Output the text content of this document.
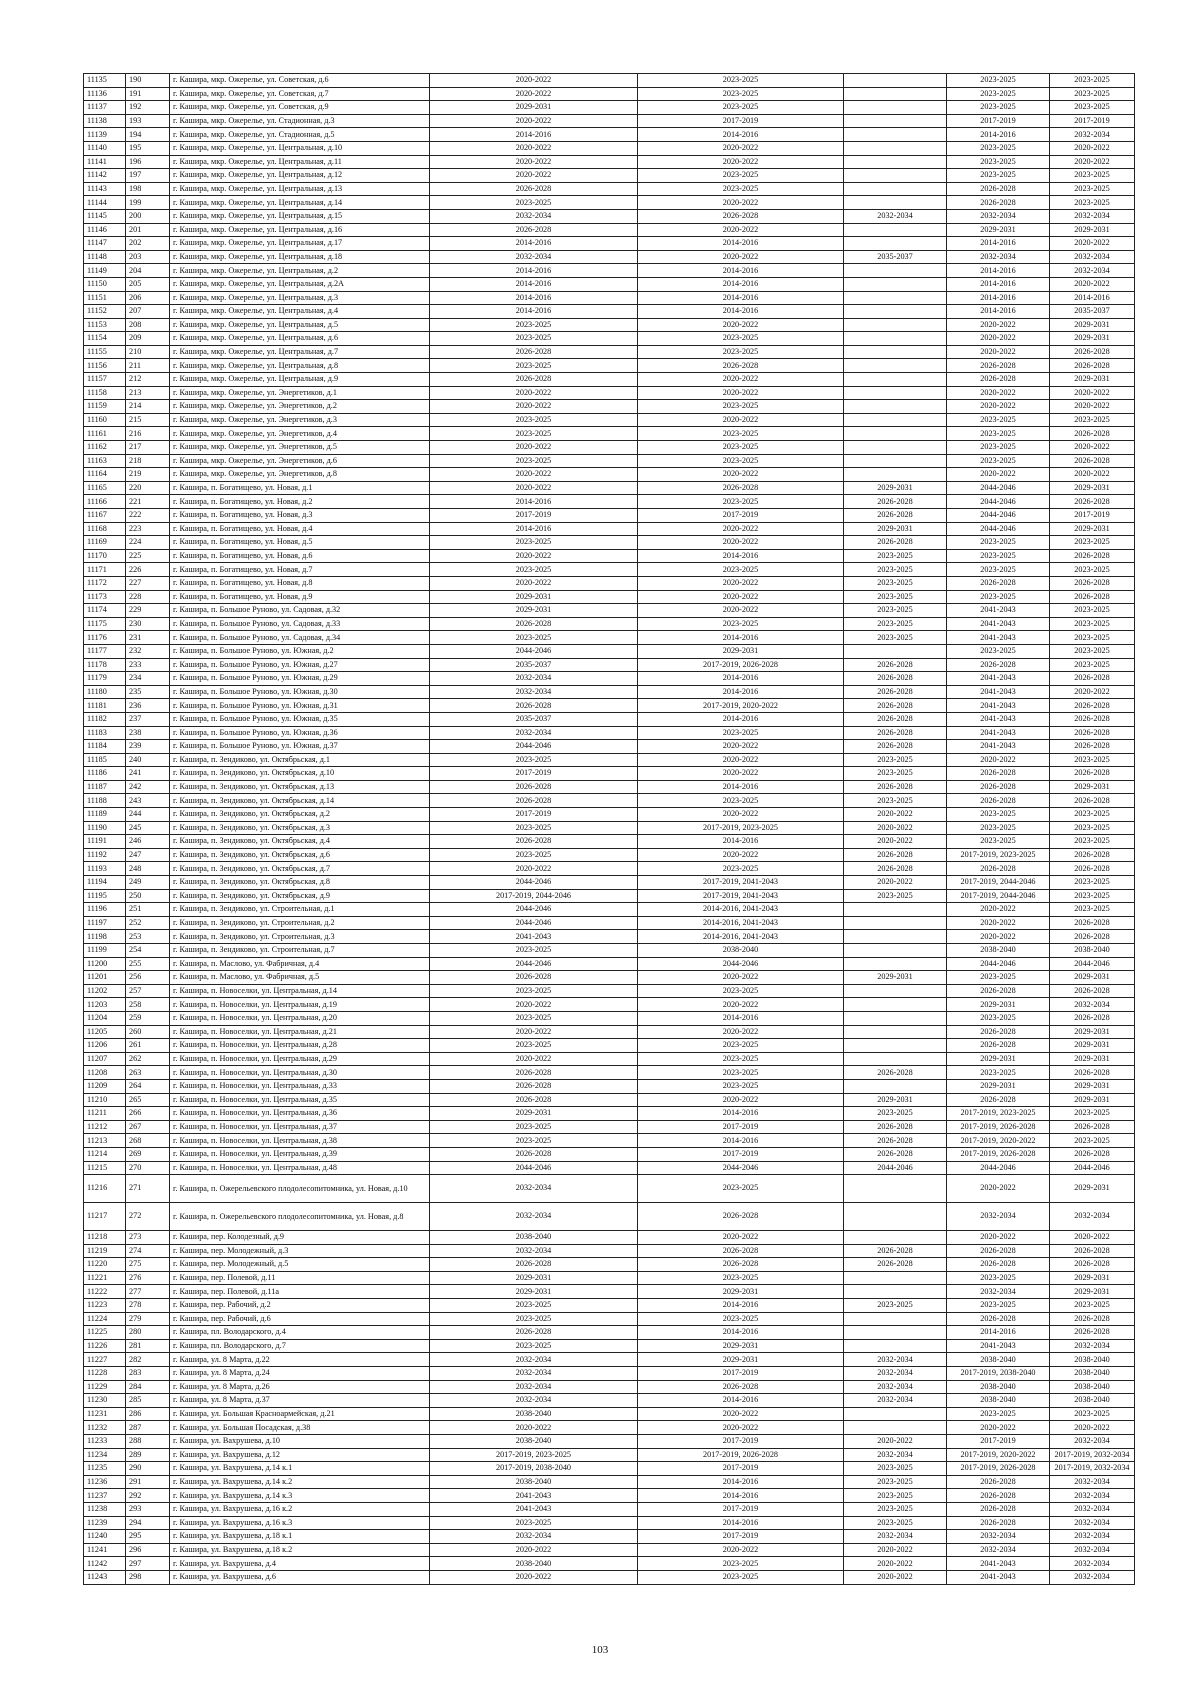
11135	190	г. Кашира, мкр. Ожерелье, ул. Советская, д.6	2020-2022	2023-2025		2023-2025	2023-2025
11136	191	г. Кашира, мкр. Ожерелье, ул. Советская, д.7	2020-2022	2023-2025		2023-2025	2023-2025
11137	192	г. Кашира, мкр. Ожерелье, ул. Советская, д.9	2029-2031	2023-2025		2023-2025	2023-2025
11138	193	г. Кашира, мкр. Ожерелье, ул. Стадионная, д.3	2020-2022	2017-2019		2017-2019	2017-2019
11139	194	г. Кашира, мкр. Ожерелье, ул. Стадионная, д.5	2014-2016	2014-2016		2014-2016	2032-2034
11140	195	г. Кашира, мкр. Ожерелье, ул. Центральная, д.10	2020-2022	2020-2022		2023-2025	2020-2022
11141	196	г. Кашира, мкр. Ожерелье, ул. Центральная, д.11	2020-2022	2020-2022		2023-2025	2020-2022
11142	197	г. Кашира, мкр. Ожерелье, ул. Центральная, д.12	2020-2022	2023-2025		2023-2025	2023-2025
11143	198	г. Кашира, мкр. Ожерелье, ул. Центральная, д.13	2026-2028	2023-2025		2026-2028	2023-2025
11144	199	г. Кашира, мкр. Ожерелье, ул. Центральная, д.14	2023-2025	2020-2022		2026-2028	2023-2025
11145	200	г. Кашира, мкр. Ожерелье, ул. Центральная, д.15	2032-2034	2026-2028	2032-2034	2032-2034	2032-2034
11146	201	г. Кашира, мкр. Ожерелье, ул. Центральная, д.16	2026-2028	2020-2022		2029-2031	2029-2031
11147	202	г. Кашира, мкр. Ожерелье, ул. Центральная, д.17	2014-2016	2014-2016		2014-2016	2020-2022
11148	203	г. Кашира, мкр. Ожерелье, ул. Центральная, д.18	2032-2034	2020-2022	2035-2037	2032-2034	2032-2034
11149	204	г. Кашира, мкр. Ожерелье, ул. Центральная, д.2	2014-2016	2014-2016		2014-2016	2032-2034
11150	205	г. Кашира, мкр. Ожерелье, ул. Центральная, д.2А	2014-2016	2014-2016		2014-2016	2020-2022
11151	206	г. Кашира, мкр. Ожерелье, ул. Центральная, д.3	2014-2016	2014-2016		2014-2016	2014-2016
11152	207	г. Кашира, мкр. Ожерелье, ул. Центральная, д.4	2014-2016	2014-2016		2014-2016	2035-2037
11153	208	г. Кашира, мкр. Ожерелье, ул. Центральная, д.5	2023-2025	2020-2022		2020-2022	2029-2031
11154	209	г. Кашира, мкр. Ожерелье, ул. Центральная, д.6	2023-2025	2023-2025		2020-2022	2029-2031
11155	210	г. Кашира, мкр. Ожерелье, ул. Центральная, д.7	2026-2028	2023-2025		2020-2022	2026-2028
11156	211	г. Кашира, мкр. Ожерелье, ул. Центральная, д.8	2023-2025	2026-2028		2026-2028	2026-2028
11157	212	г. Кашира, мкр. Ожерелье, ул. Центральная, д.9	2026-2028	2020-2022		2026-2028	2029-2031
11158	213	г. Кашира, мкр. Ожерелье, ул. Энергетиков, д.1	2020-2022	2020-2022		2020-2022	2020-2022
11159	214	г. Кашира, мкр. Ожерелье, ул. Энергетиков, д.2	2020-2022	2023-2025		2020-2022	2020-2022
11160	215	г. Кашира, мкр. Ожерелье, ул. Энергетиков, д.3	2023-2025	2020-2022		2023-2025	2023-2025
11161	216	г. Кашира, мкр. Ожерелье, ул. Энергетиков, д.4	2023-2025	2023-2025		2023-2025	2026-2028
11162	217	г. Кашира, мкр. Ожерелье, ул. Энергетиков, д.5	2020-2022	2023-2025		2023-2025	2020-2022
11163	218	г. Кашира, мкр. Ожерелье, ул. Энергетиков, д.6	2023-2025	2023-2025		2023-2025	2026-2028
11164	219	г. Кашира, мкр. Ожерелье, ул. Энергетиков, д.8	2020-2022	2020-2022		2020-2022	2020-2022
11165	220	г. Кашира, п. Богатищево, ул. Новая, д.1	2020-2022	2026-2028	2029-2031	2044-2046	2029-2031
11166	221	г. Кашира, п. Богатищево, ул. Новая, д.2	2014-2016	2023-2025	2026-2028	2044-2046	2026-2028
11167	222	г. Кашира, п. Богатищево, ул. Новая, д.3	2017-2019	2017-2019	2026-2028	2044-2046	2017-2019
11168	223	г. Кашира, п. Богатищево, ул. Новая, д.4	2014-2016	2020-2022	2029-2031	2044-2046	2029-2031
11169	224	г. Кашира, п. Богатищево, ул. Новая, д.5	2023-2025	2020-2022	2026-2028	2023-2025	2023-2025
11170	225	г. Кашира, п. Богатищево, ул. Новая, д.6	2020-2022	2014-2016	2023-2025	2023-2025	2026-2028
11171	226	г. Кашира, п. Богатищево, ул. Новая, д.7	2023-2025	2023-2025	2023-2025	2023-2025	2023-2025
11172	227	г. Кашира, п. Богатищево, ул. Новая, д.8	2020-2022	2020-2022	2023-2025	2026-2028	2026-2028
11173	228	г. Кашира, п. Богатищево, ул. Новая, д.9	2029-2031	2020-2022	2023-2025	2023-2025	2026-2028
11174	229	г. Кашира, п. Большое Руново, ул. Садовая, д.32	2029-2031	2020-2022	2023-2025	2041-2043	2023-2025
11175	230	г. Кашира, п. Большое Руново, ул. Садовая, д.33	2026-2028	2023-2025	2023-2025	2041-2043	2023-2025
11176	231	г. Кашира, п. Большое Руново, ул. Садовая, д.34	2023-2025	2014-2016	2023-2025	2041-2043	2023-2025
11177	232	г. Кашира, п. Большое Руново, ул. Южная, д.2	2044-2046	2029-2031		2023-2025	2023-2025
11178	233	г. Кашира, п. Большое Руново, ул. Южная, д.27	2035-2037	2017-2019, 2026-2028	2026-2028	2026-2028	2023-2025
11179	234	г. Кашира, п. Большое Руново, ул. Южная, д.29	2032-2034	2014-2016	2026-2028	2041-2043	2026-2028
11180	235	г. Кашира, п. Большое Руново, ул. Южная, д.30	2032-2034	2014-2016	2026-2028	2041-2043	2020-2022
11181	236	г. Кашира, п. Большое Руново, ул. Южная, д.31	2026-2028	2017-2019, 2020-2022	2026-2028	2041-2043	2026-2028
11182	237	г. Кашира, п. Большое Руново, ул. Южная, д.35	2035-2037	2014-2016	2026-2028	2041-2043	2026-2028
11183	238	г. Кашира, п. Большое Руново, ул. Южная, д.36	2032-2034	2023-2025	2026-2028	2041-2043	2026-2028
11184	239	г. Кашира, п. Большое Руново, ул. Южная, д.37	2044-2046	2020-2022	2026-2028	2041-2043	2026-2028
11185	240	г. Кашира, п. Зендиково, ул. Октябрьская, д.1	2023-2025	2020-2022	2023-2025	2020-2022	2023-2025
11186	241	г. Кашира, п. Зендиково, ул. Октябрьская, д.10	2017-2019	2020-2022	2023-2025	2026-2028	2026-2028
11187	242	г. Кашира, п. Зендиково, ул. Октябрьская, д.13	2026-2028	2014-2016	2026-2028	2026-2028	2029-2031
11188	243	г. Кашира, п. Зендиково, ул. Октябрьская, д.14	2026-2028	2023-2025	2023-2025	2026-2028	2026-2028
11189	244	г. Кашира, п. Зендиково, ул. Октябрьская, д.2	2017-2019	2020-2022	2020-2022	2023-2025	2023-2025
11190	245	г. Кашира, п. Зендиково, ул. Октябрьская, д.3	2023-2025	2017-2019, 2023-2025	2020-2022	2023-2025	2023-2025
11191	246	г. Кашира, п. Зендиково, ул. Октябрьская, д.4	2026-2028	2014-2016	2020-2022	2023-2025	2023-2025
11192	247	г. Кашира, п. Зендиково, ул. Октябрьская, д.6	2023-2025	2020-2022	2026-2028	2017-2019, 2023-2025	2026-2028
11193	248	г. Кашира, п. Зендиково, ул. Октябрьская, д.7	2020-2022	2023-2025	2026-2028	2026-2028	2026-2028
11194	249	г. Кашира, п. Зендиково, ул. Октябрьская, д.8	2044-2046	2017-2019, 2041-2043	2020-2022	2017-2019, 2044-2046	2023-2025
11195	250	г. Кашира, п. Зендиково, ул. Октябрьская, д.9	2017-2019, 2044-2046	2017-2019, 2041-2043	2023-2025	2017-2019, 2044-2046	2023-2025
11196	251	г. Кашира, п. Зендиково, ул. Строительная, д.1	2044-2046	2014-2016, 2041-2043		2020-2022	2023-2025
11197	252	г. Кашира, п. Зендиково, ул. Строительная, д.2	2044-2046	2014-2016, 2041-2043		2020-2022	2026-2028
11198	253	г. Кашира, п. Зендиково, ул. Строительная, д.3	2041-2043	2014-2016, 2041-2043		2020-2022	2026-2028
11199	254	г. Кашира, п. Зендиково, ул. Строительная, д.7	2023-2025	2038-2040		2038-2040	2038-2040
11200	255	г. Кашира, п. Маслово, ул. Фабричная, д.4	2044-2046	2044-2046		2044-2046	2044-2046
11201	256	г. Кашира, п. Маслово, ул. Фабричная, д.5	2026-2028	2020-2022	2029-2031	2023-2025	2029-2031
11202	257	г. Кашира, п. Новоселки, ул. Центральная, д.14	2023-2025	2023-2025		2026-2028	2026-2028
11203	258	г. Кашира, п. Новоселки, ул. Центральная, д.19	2020-2022	2020-2022		2029-2031	2032-2034
11204	259	г. Кашира, п. Новоселки, ул. Центральная, д.20	2023-2025	2014-2016		2023-2025	2026-2028
11205	260	г. Кашира, п. Новоселки, ул. Центральная, д.21	2020-2022	2020-2022		2026-2028	2029-2031
11206	261	г. Кашира, п. Новоселки, ул. Центральная, д.28	2023-2025	2023-2025		2026-2028	2029-2031
11207	262	г. Кашира, п. Новоселки, ул. Центральная, д.29	2020-2022	2023-2025		2029-2031	2029-2031
11208	263	г. Кашира, п. Новоселки, ул. Центральная, д.30	2026-2028	2023-2025	2026-2028	2023-2025	2026-2028
11209	264	г. Кашира, п. Новоселки, ул. Центральная, д.33	2026-2028	2023-2025		2029-2031	2029-2031
11210	265	г. Кашира, п. Новоселки, ул. Центральная, д.35	2026-2028	2020-2022	2029-2031	2026-2028	2029-2031
11211	266	г. Кашира, п. Новоселки, ул. Центральная, д.36	2029-2031	2014-2016	2023-2025	2017-2019, 2023-2025	2023-2025
11212	267	г. Кашира, п. Новоселки, ул. Центральная, д.37	2023-2025	2017-2019	2026-2028	2017-2019, 2026-2028	2026-2028
11213	268	г. Кашира, п. Новоселки, ул. Центральная, д.38	2023-2025	2014-2016	2026-2028	2017-2019, 2020-2022	2023-2025
11214	269	г. Кашира, п. Новоселки, ул. Центральная, д.39	2026-2028	2017-2019	2026-2028	2017-2019, 2026-2028	2026-2028
11215	270	г. Кашира, п. Новоселки, ул. Центральная, д.48	2044-2046	2044-2046	2044-2046	2044-2046	2044-2046
11216	271	г. Кашира, п. Ожерельевского плодолесопитомника, ул. Новая, д.10	2032-2034	2023-2025		2020-2022	2029-2031
11217	272	г. Кашира, п. Ожерельевского плодолесопитомника, ул. Новая, д.8	2032-2034	2026-2028		2032-2034	2032-2034
11218	273	г. Кашира, пер. Колодезный, д.9	2038-2040	2020-2022		2020-2022	2020-2022
11219	274	г. Кашира, пер. Молодежный, д.3	2032-2034	2026-2028	2026-2028	2026-2028	2026-2028
11220	275	г. Кашира, пер. Молодежный, д.5	2026-2028	2026-2028	2026-2028	2026-2028	2026-2028
11221	276	г. Кашира, пер. Полевой, д.11	2029-2031	2023-2025		2023-2025	2029-2031
11222	277	г. Кашира, пер. Полевой, д.11а	2029-2031	2029-2031		2032-2034	2029-2031
11223	278	г. Кашира, пер. Рабочий, д.2	2023-2025	2014-2016	2023-2025	2023-2025	2023-2025
11224	279	г. Кашира, пер. Рабочий, д.6	2023-2025	2023-2025		2026-2028	2026-2028
11225	280	г. Кашира, пл. Володарского, д.4	2026-2028	2014-2016		2014-2016	2026-2028
11226	281	г. Кашира, пл. Володарского, д.7	2023-2025	2029-2031		2041-2043	2032-2034
11227	282	г. Кашира, ул. 8 Марта, д.22	2032-2034	2029-2031	2032-2034	2038-2040	2038-2040
11228	283	г. Кашира, ул. 8 Марта, д.24	2032-2034	2017-2019	2032-2034	2017-2019, 2038-2040	2038-2040
11229	284	г. Кашира, ул. 8 Марта, д.26	2032-2034	2026-2028	2032-2034	2038-2040	2038-2040
11230	285	г. Кашира, ул. 8 Марта, д.37	2032-2034	2014-2016	2032-2034	2038-2040	2038-2040
11231	286	г. Кашира, ул. Большая Красноармейская, д.21	2038-2040	2020-2022		2023-2025	2023-2025
11232	287	г. Кашира, ул. Большая Посадская, д.38	2020-2022	2020-2022		2020-2022	2020-2022
11233	288	г. Кашира, ул. Вахрушева, д.10	2038-2040	2017-2019	2020-2022	2017-2019	2032-2034
11234	289	г. Кашира, ул. Вахрушева, д.12	2017-2019, 2023-2025	2017-2019, 2026-2028	2032-2034	2017-2019, 2020-2022	2017-2019, 2032-2034
11235	290	г. Кашира, ул. Вахрушева, д.14 к.1	2017-2019, 2038-2040	2017-2019	2023-2025	2017-2019, 2026-2028	2017-2019, 2032-2034
11236	291	г. Кашира, ул. Вахрушева, д.14 к.2	2038-2040	2014-2016	2023-2025	2026-2028	2032-2034
11237	292	г. Кашира, ул. Вахрушева, д.14 к.3	2041-2043	2014-2016	2023-2025	2026-2028	2032-2034
11238	293	г. Кашира, ул. Вахрушева, д.16 к.2	2041-2043	2017-2019	2023-2025	2026-2028	2032-2034
11239	294	г. Кашира, ул. Вахрушева, д.16 к.3	2023-2025	2014-2016	2023-2025	2026-2028	2032-2034
11240	295	г. Кашира, ул. Вахрушева, д.18 к.1	2032-2034	2017-2019	2032-2034	2032-2034	2032-2034
11241	296	г. Кашира, ул. Вахрушева, д.18 к.2	2020-2022	2020-2022	2020-2022	2032-2034	2032-2034
11242	297	г. Кашира, ул. Вахрушева, д.4	2038-2040	2023-2025	2020-2022	2041-2043	2032-2034
11243	298	г. Кашира, ул. Вахрушева, д.6	2020-2022	2023-2025	2020-2022	2041-2043	2032-2034
103
